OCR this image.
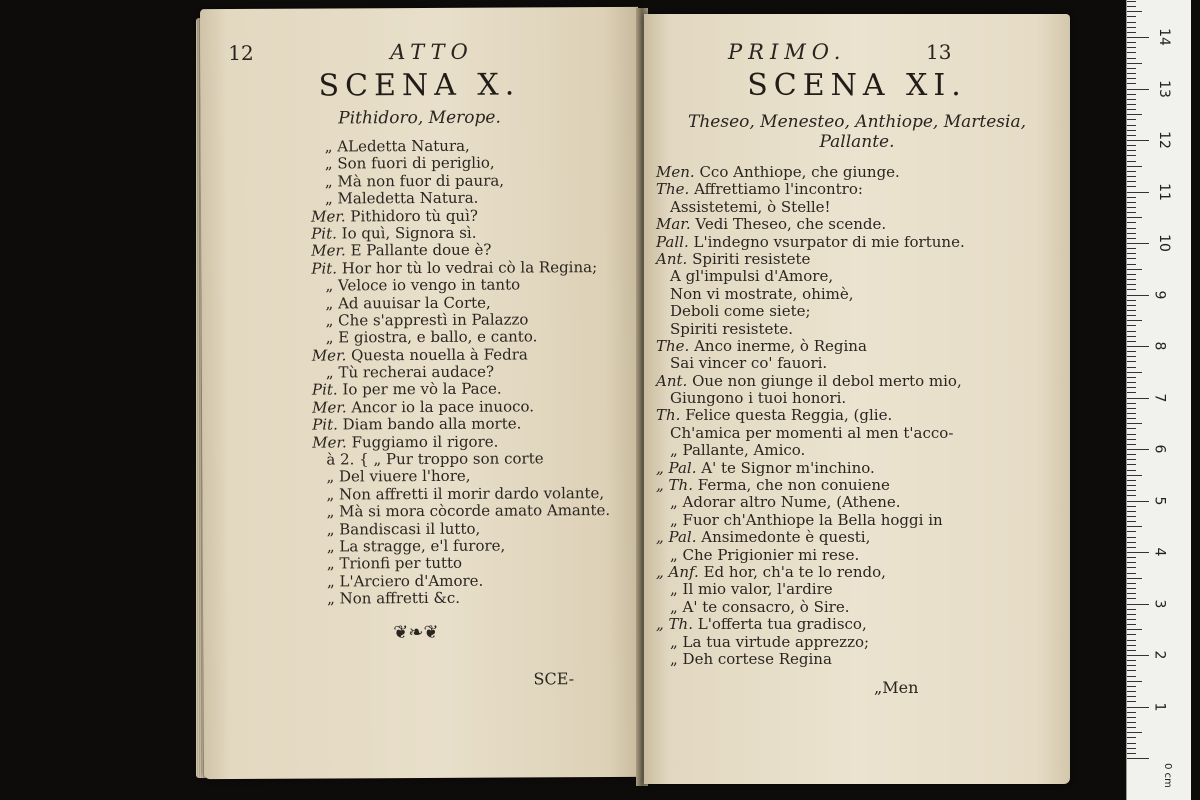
12	ATTO
SCENA X.
Pithidoro, Merope.
„ ALedetta Natura,
„ Son fuori di periglio,
„ Mà non fuor di paura,
„ Maledetta Natura.
Mer. Pithidoro tù quì?
Pit. Io quì, Signora sì.
Mer. E Pallante doue è?
Pit. Hor hor tù lo vedrai cò la Regina;
„ Veloce io vengo in tanto
„ Ad auuisar la Corte,
„ Che s'apprestì in Palazzo
„ E giostra, e ballo, e canto.
Mer. Questa nouella à Fedra
„ Tù recherai audace?
Pit. Io per me vò la Pace.
Mer. Ancor io la pace inuoco.
Pit. Diam bando alla morte.
Mer. Fuggiamo il rigore.
à 2. { „ Pur troppo son corte
„ Del viuere l'hore,
„ Non affretti il morir dardo volante,
„ Mà si mora còcorde amato Amante.
„ Bandiscasi il lutto,
„ La stragge, e'l furore,
„ Trionfi per tutto
„ L'Arciero d'Amore.
„ Non affretti &c.
❦❧❦
SCE-
PRIMO.	13
SCENA XI.
Theseo, Menesteo, Anthiope, Martesia,
Pallante.
Men. Cco Anthiope, che giunge.
The. Affrettiamo l'incontro:
Assistetemi, ò Stelle!
Mar. Vedi Theseo, che scende.
Pall. L'indegno vsurpator di mie fortune.
Ant. Spiriti resistete
A gl'impulsi d'Amore,
Non vi mostrate, ohimè,
Deboli come siete;
Spiriti resistete.
The. Anco inerme, ò Regina
Sai vincer co' fauori.
Ant. Oue non giunge il debol merto mio,
Giungono i tuoi honori.
Th. Felice questa Reggia, (glie.
Ch'amica per momenti al men t'acco-
„ Pallante, Amico.
„ Pal. A' te Signor m'inchino.
„ Th. Ferma, che non conuiene
„ Adorar altro Nume, (Athene.
„ Fuor ch'Anthiope la Bella hoggi in
„ Pal. Ansimedonte è questi,
„ Che Prigionier mi rese.
„ Anf. Ed hor, ch'a te lo rendo,
„ Il mio valor, l'ardire
„ A' te consacro, ò Sire.
„ Th. L'offerta tua gradisco,
„ La tua virtude apprezzo;
„ Deh cortese Regina
„Men
0 cm
1
2
3
4
5
6
7
8
9
10
11
12
13
14
